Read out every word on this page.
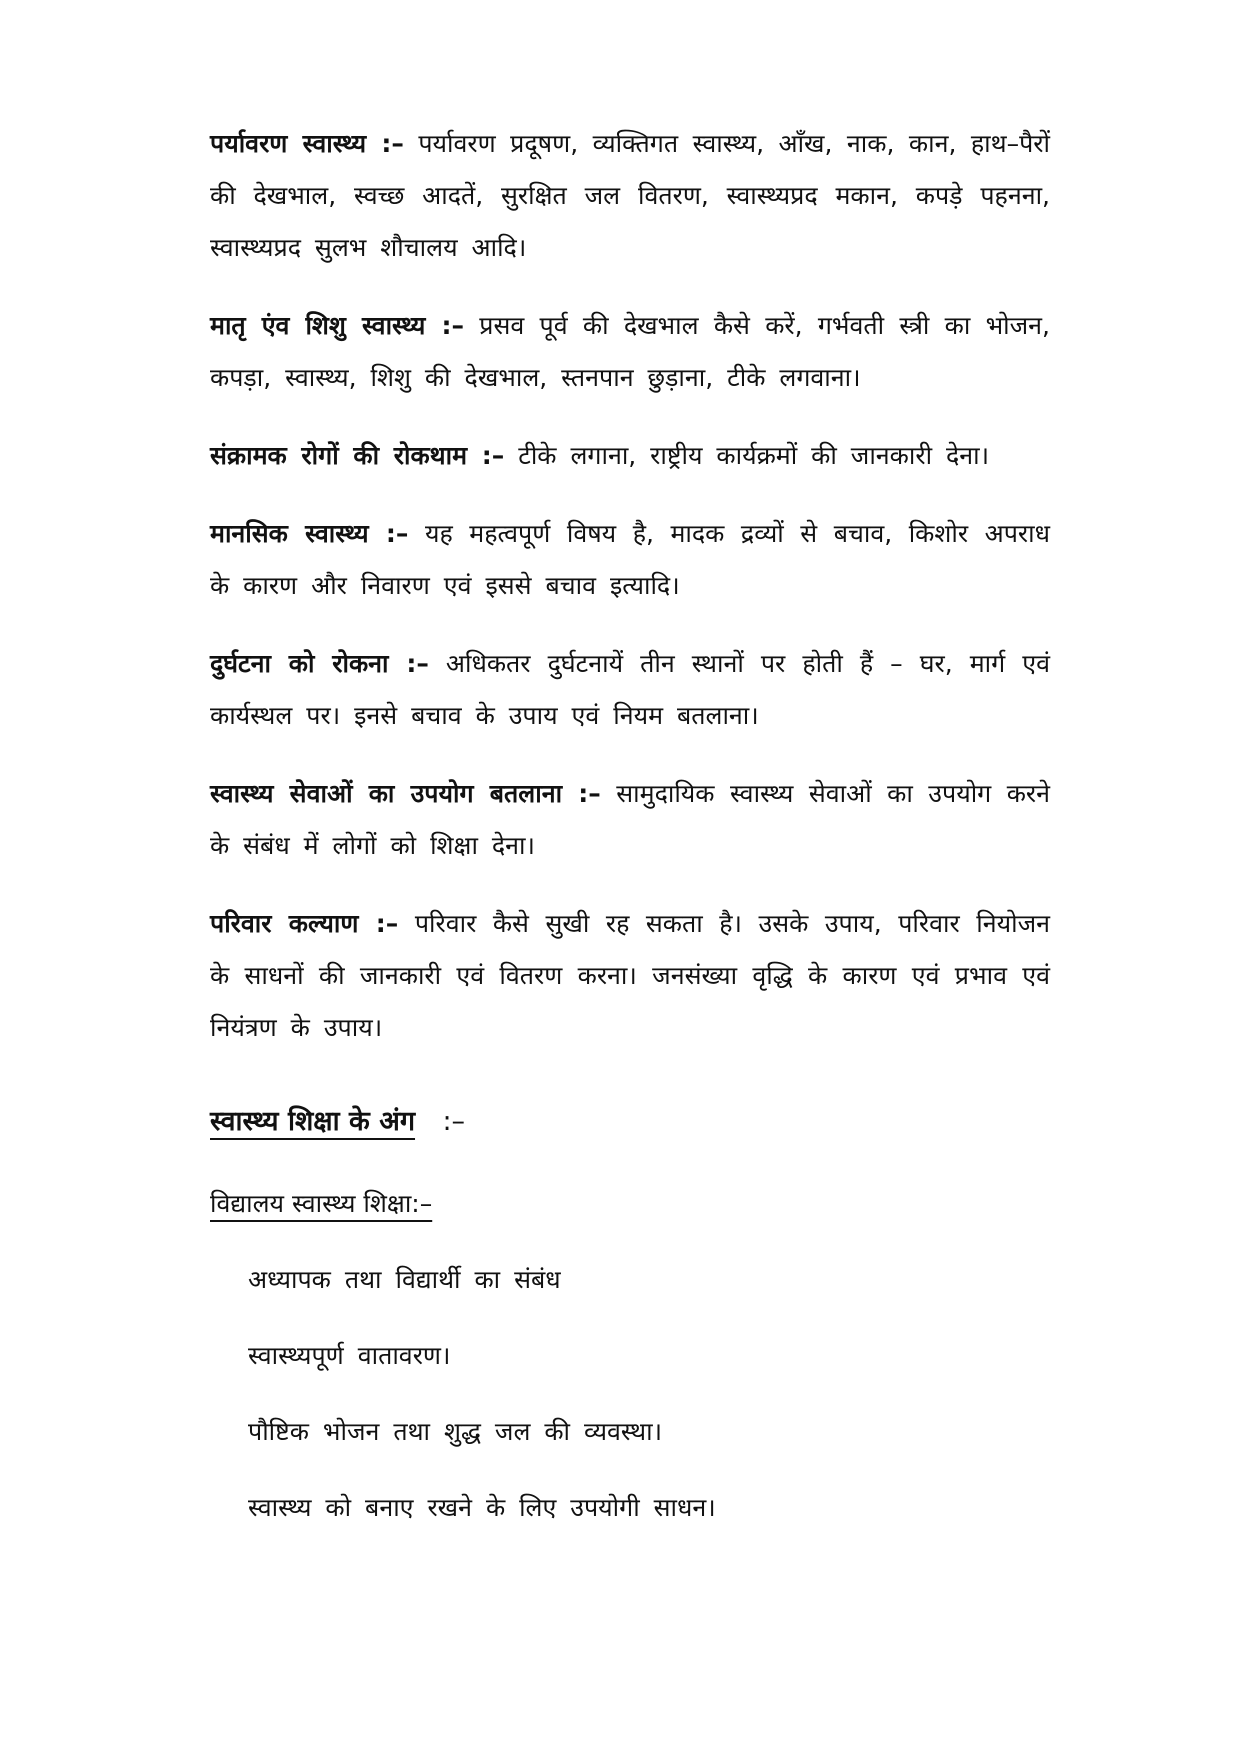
पर्यावरण स्वास्थ्य :– पर्यावरण प्रदूषण, व्यक्तिगत स्वास्थ्य, आँख, नाक, कान, हाथ–पैरों की देखभाल, स्वच्छ आदतें, सुरक्षित जल वितरण, स्वास्थ्यप्रद मकान, कपड़े पहनना, स्वास्थ्यप्रद सुलभ शौचालय आदि।

मातृ एंव शिशु स्वास्थ्य :– प्रसव पूर्व की देखभाल कैसे करें, गर्भवती स्त्री का भोजन, कपड़ा, स्वास्थ्य, शिशु की देखभाल, स्तनपान छुड़ाना, टीके लगवाना।

संक्रामक रोगों की रोकथाम :– टीके लगाना, राष्ट्रीय कार्यक्रमों की जानकारी देना।

मानसिक स्वास्थ्य :– यह महत्वपूर्ण विषय है, मादक द्रव्यों से बचाव, किशोर अपराध के कारण और निवारण एवं इससे बचाव इत्यादि।

दुर्घटना को रोकना :– अधिकतर दुर्घटनायें तीन स्थानों पर होती हैं – घर, मार्ग एवं कार्यस्थल पर। इनसे बचाव के उपाय एवं नियम बतलाना।

स्वास्थ्य सेवाओं का उपयोग बतलाना :– सामुदायिक स्वास्थ्य सेवाओं का उपयोग करने के संबंध में लोगों को शिक्षा देना।

परिवार कल्याण :– परिवार कैसे सुखी रह सकता है। उसके उपाय, परिवार नियोजन के साधनों की जानकारी एवं वितरण करना। जनसंख्या वृद्धि के कारण एवं प्रभाव एवं नियंत्रण के उपाय।

स्वास्थ्य शिक्षा के अंग :–
विद्यालय स्वास्थ्य शिक्षा:–
अध्यापक तथा विद्यार्थी का संबंध
स्वास्थ्यपूर्ण वातावरण।
पौष्टिक भोजन तथा शुद्ध जल की व्यवस्था।
स्वास्थ्य को बनाए रखने के लिए उपयोगी साधन।
